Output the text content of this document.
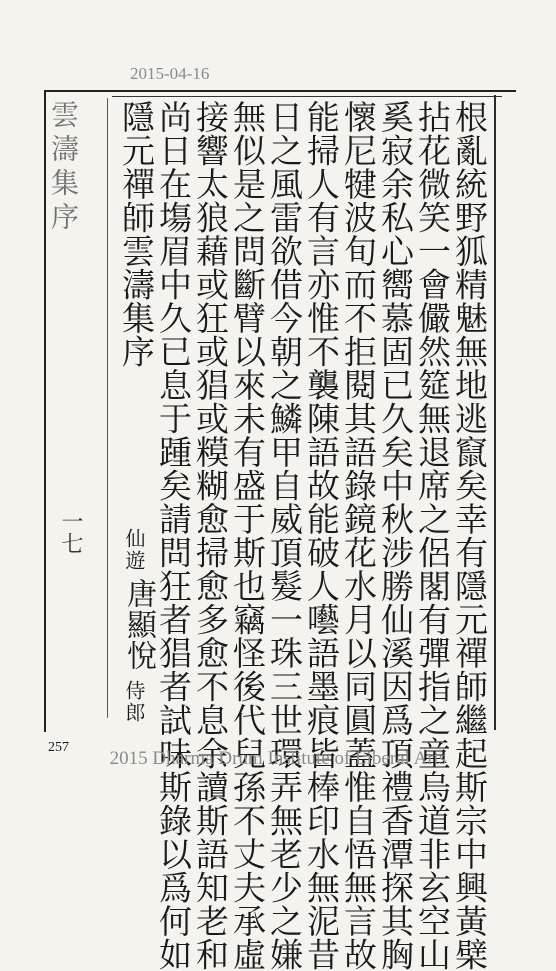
2015-04-16
雲濤集序
一七	根亂統野狐精魅無地逃竄矣幸有隱元禪師繼起斯宗中興黃檗
拈花微笑一會儼然筵無退席之侶閣有彈指之童烏道非玄空山
奚寂余私心嚮慕固已久矣中秋涉勝仙溪因爲頂禮香潭探其胸
懷尼犍波旬而不拒閱其語錄鏡花水月以同圓蓋惟自悟無言故
能掃人有言亦惟不襲陳語故能破人囈語墨痕皆棒印水無泥昔
日之風雷欲借今朝之鱗甲自威頂髮一珠三世環弄無老少之嫌
無似是之問斷臂以來未有盛于斯也竊怪後代兒孫不丈夫承虛
接響太狼藉或狂或猖或糢糊愈掃愈多愈不息余讀斯語知老和
尚日在塲眉中久已息于踵矣請問狂者猖者試味斯錄以爲何如
隱元禪師雲濤集序
仙遊
唐顯悅
侍郎
257
2015 Dharma Drum Institute of Liberal Arts
